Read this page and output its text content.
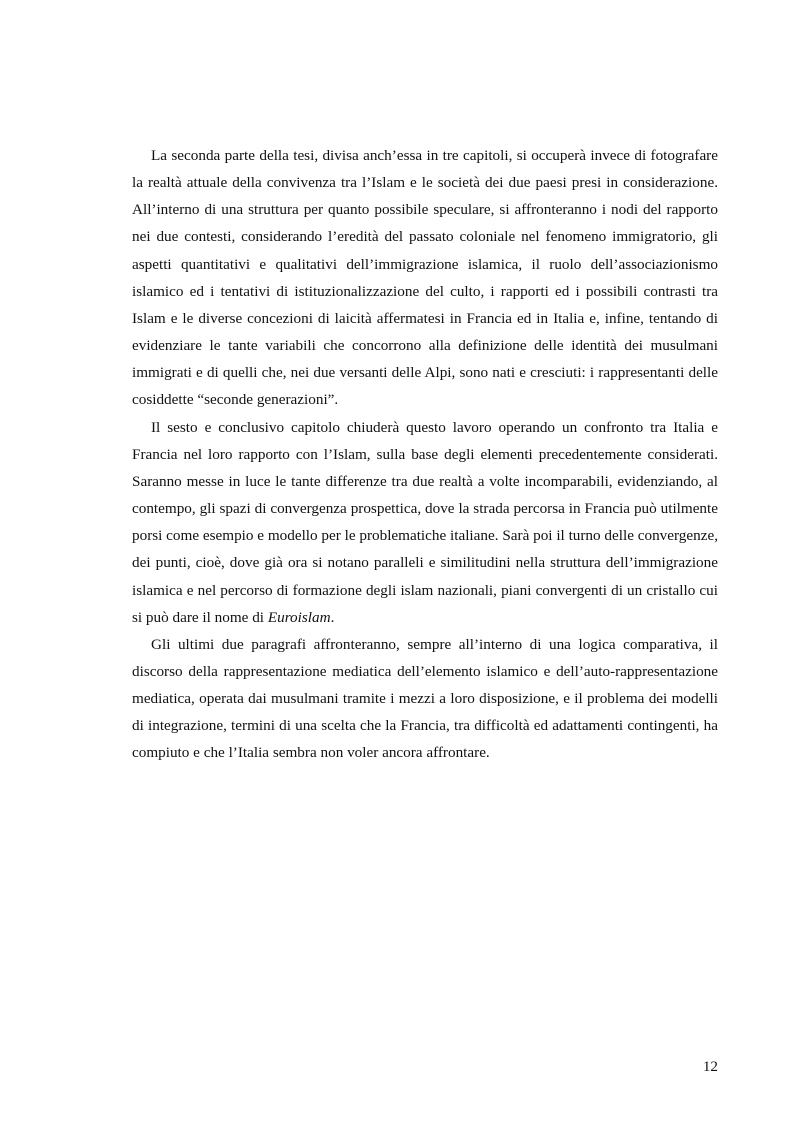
La seconda parte della tesi, divisa anch’essa in tre capitoli, si occuperà invece di fotografare la realtà attuale della convivenza tra l’Islam e le società dei due paesi presi in considerazione. All’interno di una struttura per quanto possibile speculare, si affronteranno i nodi del rapporto nei due contesti, considerando l’eredità del passato coloniale nel fenomeno immigratorio, gli aspetti quantitativi e qualitativi dell’immigrazione islamica, il ruolo dell’associazionismo islamico ed i tentativi di istituzionalizzazione del culto, i rapporti ed i possibili contrasti tra Islam e le diverse concezioni di laicità affermatesi in Francia ed in Italia e, infine, tentando di evidenziare le tante variabili che concorrono alla definizione delle identità dei musulmani immigrati e di quelli che, nei due versanti delle Alpi, sono nati e cresciuti: i rappresentanti delle cosiddette “seconde generazioni”.

Il sesto e conclusivo capitolo chiuderà questo lavoro operando un confronto tra Italia e Francia nel loro rapporto con l’Islam, sulla base degli elementi precedentemente considerati. Saranno messe in luce le tante differenze tra due realtà a volte incomparabili, evidenziando, al contempo, gli spazi di convergenza prospettica, dove la strada percorsa in Francia può utilmente porsi come esempio e modello per le problematiche italiane. Sarà poi il turno delle convergenze, dei punti, cioè, dove già ora si notano paralleli e similitudini nella struttura dell’immigrazione islamica e nel percorso di formazione degli islam nazionali, piani convergenti di un cristallo cui si può dare il nome di Euroislam.

Gli ultimi due paragrafi affronteranno, sempre all’interno di una logica comparativa, il discorso della rappresentazione mediatica dell’elemento islamico e dell’auto-rappresentazione mediatica, operata dai musulmani tramite i mezzi a loro disposizione, e il problema dei modelli di integrazione, termini di una scelta che la Francia, tra difficoltà ed adattamenti contingenti, ha compiuto e che l’Italia sembra non voler ancora affrontare.

12
